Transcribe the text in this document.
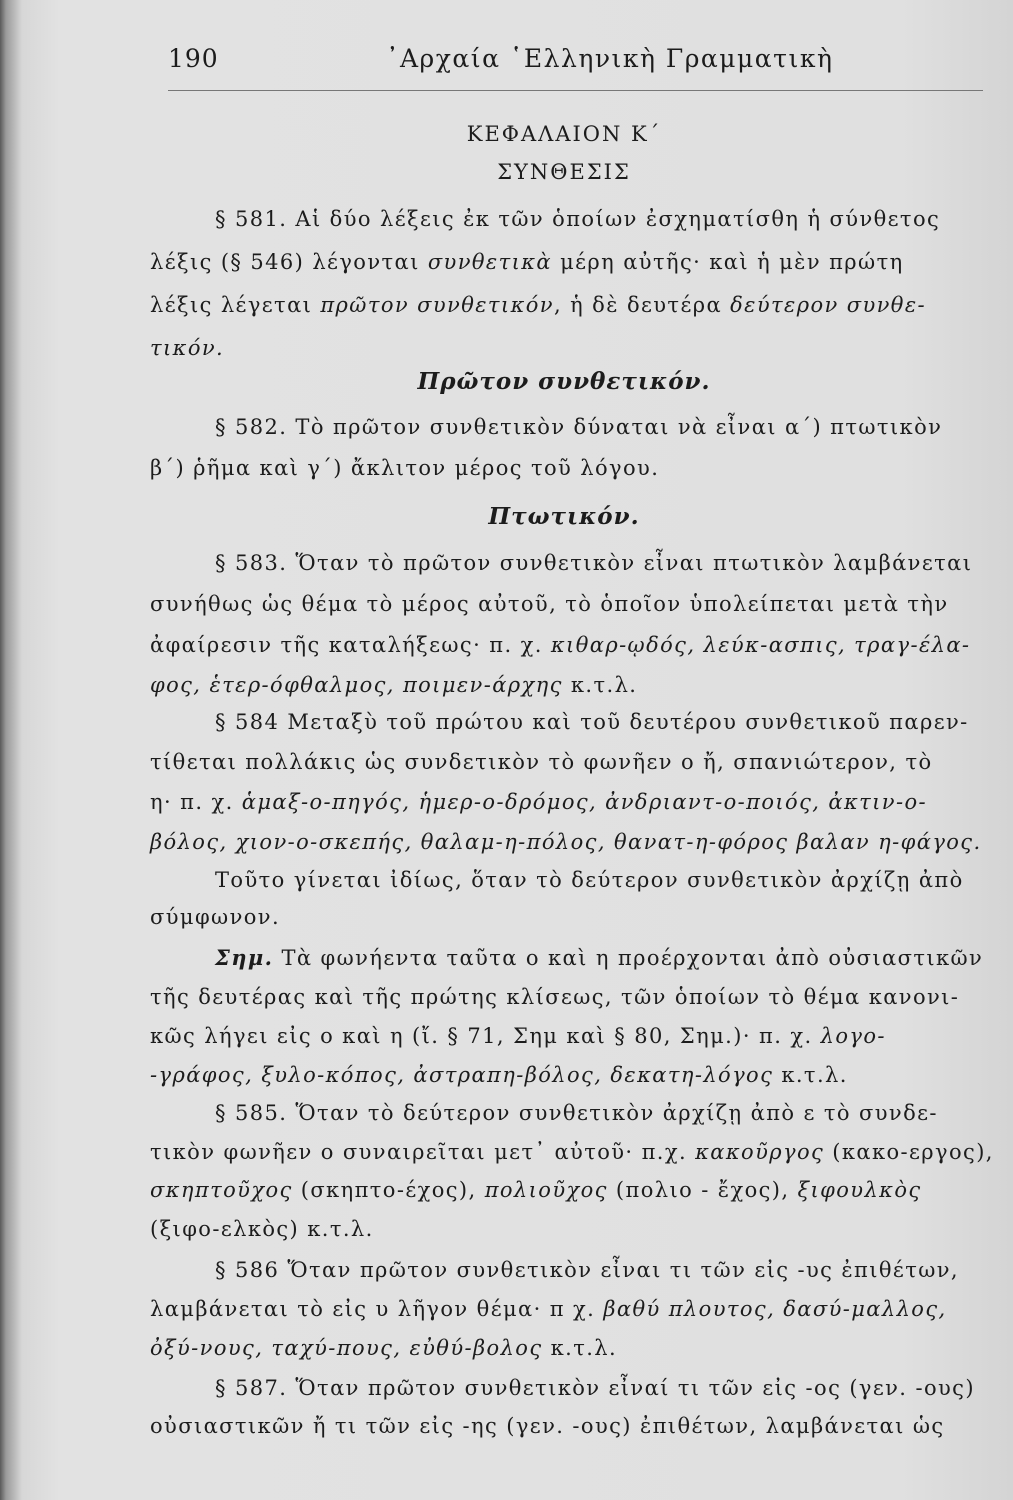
190	᾿Αρχαία ῾Ελληνικὴ Γραμματικὴ
ΚΕΦΑΛΑΙΟΝ Κ΄
ΣΥΝΘΕΣΙΣ
§ 581. Αἱ δύο λέξεις ἐκ τῶν ὁποίων ἐσχηματίσθη ἡ σύνθετος
λέξις (§ 546) λέγονται συνθετικὰ μέρη αὐτῆς· καὶ ἡ μὲν πρώτη
λέξις λέγεται πρῶτον συνθετικόν, ἡ δὲ δευτέρα δεύτερον συνθε-
τικόν.
Πρῶτον συνθετικόν.
§ 582. Τὸ πρῶτον συνθετικὸν δύναται νὰ εἶναι α΄) πτωτικὸν
β΄) ῥῆμα καὶ γ΄) ἄκλιτον μέρος τοῦ λόγου.
Πτωτικόν.
§ 583. Ὅταν τὸ πρῶτον συνθετικὸν εἶναι πτωτικὸν λαμβάνεται
συνήθως ὡς θέμα τὸ μέρος αὐτοῦ, τὸ ὁποῖον ὑπολείπεται μετὰ τὴν
ἀφαίρεσιν τῆς καταλήξεως· π. χ. κιθαρ-ῳδός, λεύκ-ασπις, τραγ-έλα-
φος, ἑτερ-όφθαλμος, ποιμεν-άρχης κ.τ.λ.
§ 584 Μεταξὺ τοῦ πρώτου καὶ τοῦ δευτέρου συνθετικοῦ παρεν-
τίθεται πολλάκις ὡς συνδετικὸν τὸ φωνῆεν ο ἤ, σπανιώτερον, τὸ
η· π. χ. ἁμαξ-ο-πηγός, ἡμερ-ο-δρόμος, ἀνδριαντ-ο-ποιός, ἀκτιν-ο-
βόλος, χιον-ο-σκεπής, θαλαμ-η-πόλος, θανατ-η-φόρος βαλαν η-φάγος.
Τοῦτο γίνεται ἰδίως, ὅταν τὸ δεύτερον συνθετικὸν ἀρχίζῃ ἀπὸ
σύμφωνον.
Σημ. Τὰ φωνήεντα ταῦτα ο καὶ η προέρχονται ἀπὸ οὐσιαστικῶν
τῆς δευτέρας καὶ τῆς πρώτης κλίσεως, τῶν ὁποίων τὸ θέμα κανονι-
κῶς λήγει εἰς ο καὶ η (ἴ. § 71, Σημ καὶ § 80, Σημ.)· π. χ. λογο-
-γράφος, ξυλο-κόπος, ἀστραπη-βόλος, δεκατη-λόγος κ.τ.λ.
§ 585. Ὅταν τὸ δεύτερον συνθετικὸν ἀρχίζῃ ἀπὸ ε τὸ συνδε-
τικὸν φωνῆεν ο συναιρεῖται μετ᾿ αὐτοῦ· π.χ. κακοῦργος (κακο-εργος),
σκηπτοῦχος (σκηπτο-έχος), πολιοῦχος (πολιο - ἔχος), ξιφουλκὸς
(ξιφο-ελκὸς) κ.τ.λ.
§ 586 Ὅταν πρῶτον συνθετικὸν εἶναι τι τῶν εἰς -υς ἐπιθέτων,
λαμβάνεται τὸ εἰς υ λῆγον θέμα· π χ. βαθύ πλουτος, δασύ-μαλλος,
ὀξύ-νους, ταχύ-πους, εὐθύ-βολος κ.τ.λ.
§ 587. Ὅταν πρῶτον συνθετικὸν εἶναί τι τῶν εἰς -ος (γεν. -ους)
οὐσιαστικῶν ἤ τι τῶν εἰς -ης (γεν. -ους) ἐπιθέτων, λαμβάνεται ὡς
